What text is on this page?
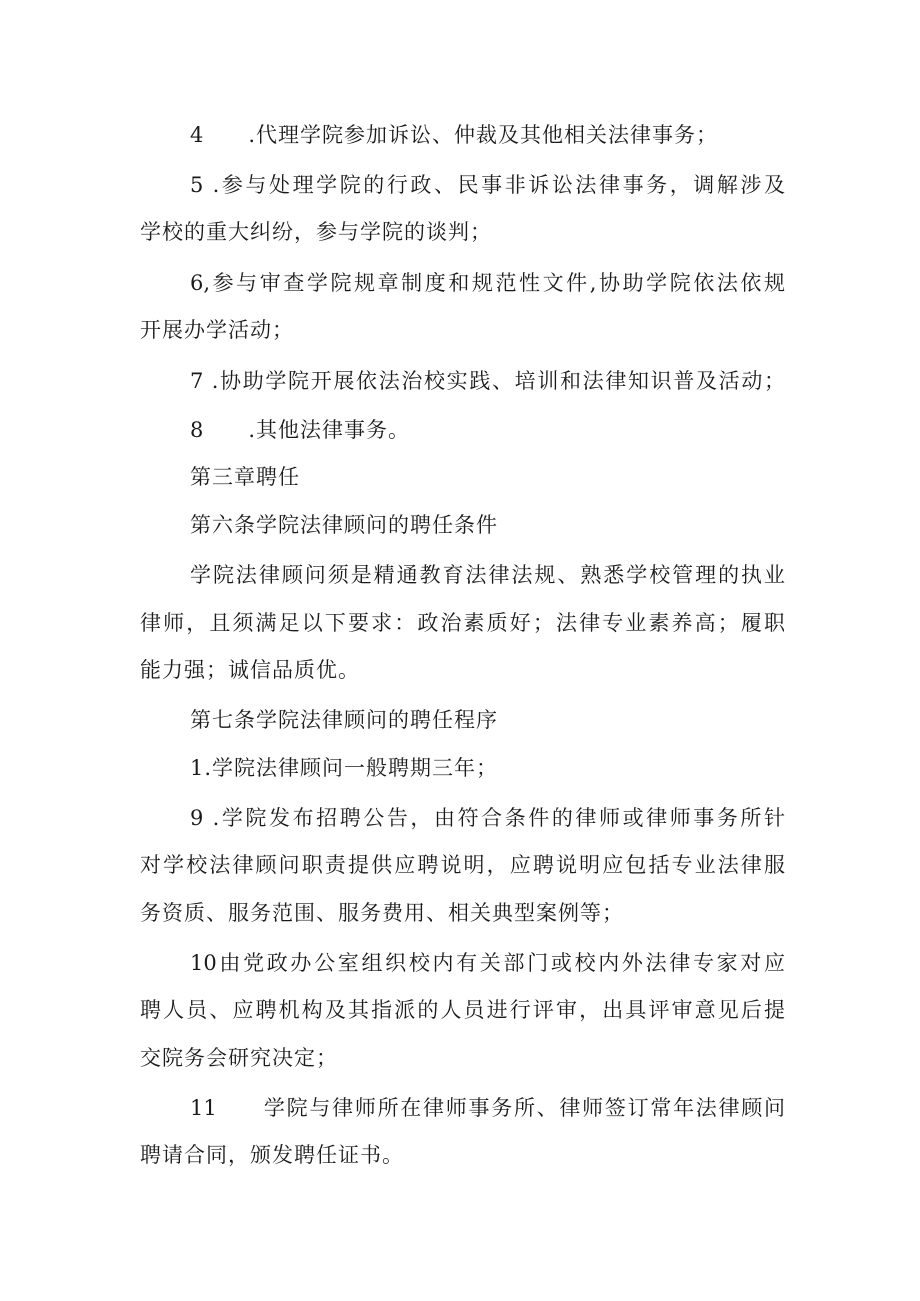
4　　.代理学院参加诉讼、仲裁及其他相关法律事务；
5 .参与处理学院的行政、民事非诉讼法律事务，调解涉及
学校的重大纠纷，参与学院的谈判；
6,参与审查学院规章制度和规范性文件,协助学院依法依规
开展办学活动；
7 .协助学院开展依法治校实践、培训和法律知识普及活动；
8　　.其他法律事务。
第三章聘任
第六条学院法律顾问的聘任条件
学院法律顾问须是精通教育法律法规、熟悉学校管理的执业
律师，且须满足以下要求：政治素质好；法律专业素养高；履职
能力强；诚信品质优。
第七条学院法律顾问的聘任程序
1.学院法律顾问一般聘期三年；
9 .学院发布招聘公告，由符合条件的律师或律师事务所针
对学校法律顾问职责提供应聘说明，应聘说明应包括专业法律服
务资质、服务范围、服务费用、相关典型案例等；
10由党政办公室组织校内有关部门或校内外法律专家对应
聘人员、应聘机构及其指派的人员进行评审，出具评审意见后提
交院务会研究决定；
11　　学院与律师所在律师事务所、律师签订常年法律顾问
聘请合同，颁发聘任证书。
